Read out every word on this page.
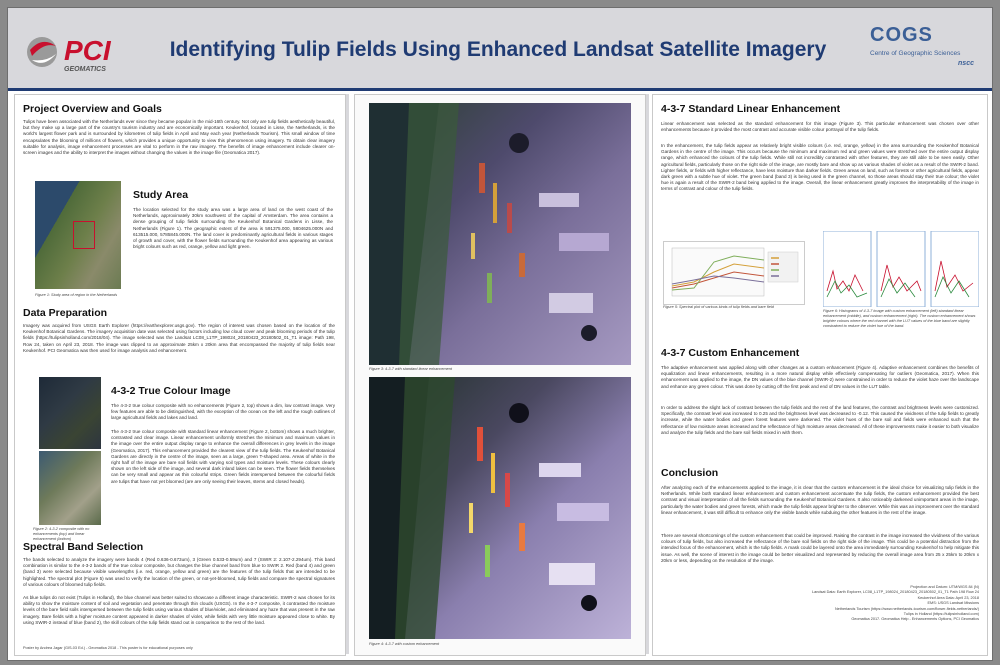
PCI
GEOMATICS
Identifying Tulip Fields Using Enhanced Landsat Satellite Imagery
COGS
Centre of Geographic Sciences
nscc
Project Overview and Goals

Tulips have been associated with the Netherlands ever since they became popular in the mid-16th century. Not only are tulip fields aesthetically beautiful, but they make up a large part of the country's tourism industry and are economically important. Keukenhof, located in Lisse, the Netherlands, is the world's largest flower park and is surrounded by kilometres of tulip fields in April and May each year (Netherlands Tourism). This small window of time encapsulates the blooming of millions of flowers, which provides a unique opportunity to view this phenomenon using imagery. To obtain clear imagery suitable for analysis, image enhancement processes are vital to perform in the raw imagery. The benefits of image enhancement include clearer on-screen images and the ability to interpret the images without changing the values in the image file (Geomatica 2017).

Figure 1: Study area of region in the Netherlands
Study Area

The location selected for the study area was a large area of land on the west coast of the Netherlands, approximately 30km southwest of the capital of Amsterdam. The area contains a dense grouping of tulip fields surrounding the Keukenhof Botanical Gardens in Lisse, the Netherlands (Figure 1). The geographic extent of the area is 591375.000, 5804625.000N and 613515.000, 5785845.000N. The land cover is predominantly agricultural fields in various stages of growth and cover, with the flower fields surrounding the Keukenhof area appearing as various bright colours such as red, orange, yellow and light green.

Data Preparation

Imagery was acquired from USGS Earth Explorer (https://earthexplorer.usgs.gov). The region of interest was chosen based on the location of the Keukenhof Botanical Gardens. The imagery acquisition date was selected using factors including low cloud cover and peak blooming periods of the tulip fields (https://tulipsinholland.com/2018/04). The image selected was the Landsat LC08_L1TP_198024_20180423_20180502_01_T1 image: Path 198, Row 24, taken on April 23, 2018. The image was clipped to an approximate 25km x 20km area that encompassed the majority of tulip fields near Keukenhof. PCI Geomatica was then used for image analysis and enhancement.

Figure 2: 4-3-2 composite with no enhancements (top) and linear enhancement (bottom)
4-3-2 True Colour Image

The 4-3-2 true colour composite with no enhancements (Figure 2, top) shows a dim, low contrast image. Very few features are able to be distinguished, with the exception of the ocean on the left and the rough outlines of large agricultural fields and lakes and land.

The 4-3-2 true colour composite with standard linear enhancement (Figure 2, bottom) shows a much brighter, contrasted and clear image. Linear enhancement uniformly stretches the minimum and maximum values in the image over the entire output display range to enhance the overall differences in grey levels in the image (Geomatica, 2017). This enhancement provided the clearest view of the tulip fields. The Keukenhof Botanical Gardens are directly in the centre of the image, seen as a large, green T-shaped area. Areas of white in the right half of the image are bare soil fields with varying soil types and moisture levels. These colours clearly shown on the left side of the image, and several dark inland lakes can be seen. The flower fields themselves can be very small and appear as thin colourful strips. Green fields interspersed between the colourful fields are tulips that have not yet bloomed (are are only seeing their leaves, stems and closed heads).

Spectral Band Selection

The bands selected to analyze the imagery were bands 4 (Red 0.636-0.673um), 3 (Green 0.533-0.59um) and 7 (SWIR 2: 2.107-2.294um). This band combination is similar to the 4-3-2 bands of the true colour composite, but changes the blue channel band from blue to SWIR 2. Red (band 4) and green (band 3) were selected because visible wavelengths (i.e. red, orange, yellow and green) are the features of the tulip fields that are intended to be highlighted. The spectral plot (Figure 5) was used to verify the location of the green, or not-yet-bloomed, tulip fields and compare the spectral signatures of various colours of bloomed tulip fields.

As blue tulips do not exist (Tulips in Holland), the blue channel was better suited to showcase a different image characteristic. SWIR-2 was chosen for its ability to show the moisture content of soil and vegetation and penetrate through thin clouds (USGS). In the 4-3-7 composite, it contrasted the moisture levels of the bare field soils interspersed between the tulip fields using various shades of blue/violet, and eliminated any haze that was present in the raw imagery. Bare fields with a higher moisture content appeared in darker shades of violet, while fields with very little moisture appeared close to white. By using SWIR-2 instead of blue (band 2), the skill colours of the tulip fields stand out in comparison to the rest of the land.

Poster by Andrea Jagar (GIS-03 Ed.) - Geomatica 2018 - This poster is for educational purposes only
Figure 3: 4-3-7 with standard linear enhancement
Figure 4: 4-3-7 with custom enhancement
4-3-7 Standard Linear Enhancement

Linear enhancement was selected as the standard enhancement for this image (Figure 3). This particular enhancement was chosen over other enhancements because it provided the most contrast and accurate visible colour portrayal of the tulip fields.

In the enhancement, the tulip fields appear as relatively bright visible colours (i.e. red, orange, yellow) in the area surrounding the Keukenhof Botanical Gardens in the centre of the image. This occurs because the minimum and maximum red and green values were stretched over the entire output display range, which enhanced the colours of the tulip fields. While still not incredibly contrasted with other features, they are still able to be seen easily. Other agricultural fields, particularly those on the right side of the image, are mostly bare and show up as various shades of violet as a result of the SWIR-2 band. Lighter fields, or fields with higher reflectance, have less moisture than darker fields. Green areas on land, such as forests or other agricultural fields, appear dark green with a subtle hue of violet. The green band (band 3) is being used in the green channel, so those areas should stay their true colour; the violet hue is again a result of the SWIR-2 band being applied to the image. Overall, the linear enhancement greatly improves the interpretability of the image in terms of contrast and colour of the tulip fields.

Figure 5: Spectral plot of various kinds of tulip fields and bare field
Figure 6: Histograms of 4-3-7 image with custom enhancement (left) standard linear enhancement (middle), and custom enhancement (right). The custom enhancement shows brighter colours where the red channel with the LUT values of the blue band are slightly constrained to reduce the violet hue of the band.
4-3-7 Custom Enhancement

The adaptive enhancement was applied along with other changes as a custom enhancement (Figure 4). Adaptive enhancement combines the benefits of equalization and linear enhancements, resulting in a more natural display while effectively compensating for outliers (Geomatica, 2017). When this enhancement was applied to the image, the DN values of the blue channel (SWIR-2) were constrained in order to reduce the violet haze over the landscape and enhance any green colour. This was done by cutting off the first peak and end of DN values in the LUT table.

In order to address the slight lack of contrast between the tulip fields and the rest of the land features, the contrast and brightness levels were customized. Specifically, the contrast level was increased to 0.25 and the brightness level was decreased to -0.12. This caused the vividness of the tulip fields to greatly increase, while the water bodies and green forest features were darkened. The violet hues of the bare soil and fields were enhanced such that the reflectance of low moisture areas increased and the reflectance of high moisture areas decreased. All of these improvements make it easier to both visualize and analyze the tulip fields and the bare soil fields mixed in with them.

Conclusion

After analyzing each of the enhancements applied to the image, it is clear that the custom enhancement is the ideal choice for visualizing tulip fields in the Netherlands. While both standard linear enhancement and custom enhancement accentuate the tulip fields, the custom enhancement provided the best contrast and visual interpretation of all the fields surrounding the Keukenhof Botanical Gardens. It also noticeably darkened unimportant areas in the image, particularly the water bodies and green forests, which made the tulip fields appear brighter to the observer. While this was an improvement over the standard linear enhancement, it was still difficult to enhance only the visible bands while subduing the other features in the rest of the image.

There are several shortcomings of the custom enhancement that could be improved. Raising the contrast in the image increased the vividness of the various colours of tulip fields, but also increased the reflectance of the bare soil fields on the right side of the image. This could be a potential distraction from the intended focus of the enhancement, which is the tulip fields. A mask could be layered onto the area immediately surrounding Keukenhof to help mitigate this issue. As well, the scene of interest in the image could be better visualized and represented by reducing the overall image area from 25 x 25km to 20km x 20km or less, depending on the resolution of the image.

Projection and Datum: UTM/WGS 84 (N)
Landsat Data: Earth Explorer, LC08_L1TP_198024_20180423_20180502_01_T1 Path 198 Row 24
Keukenhof Area Data: April 23, 2018
EMS: USGS Landsat Missions
Netherlands Tourism (https://www.netherlands-tourism.com/flower-fields-netherlands/)
Tulips in Holland (https://tulipsinholland.com)
Geomatica 2017. Geomatica Help - Enhancements Options, PCI Geomatics
